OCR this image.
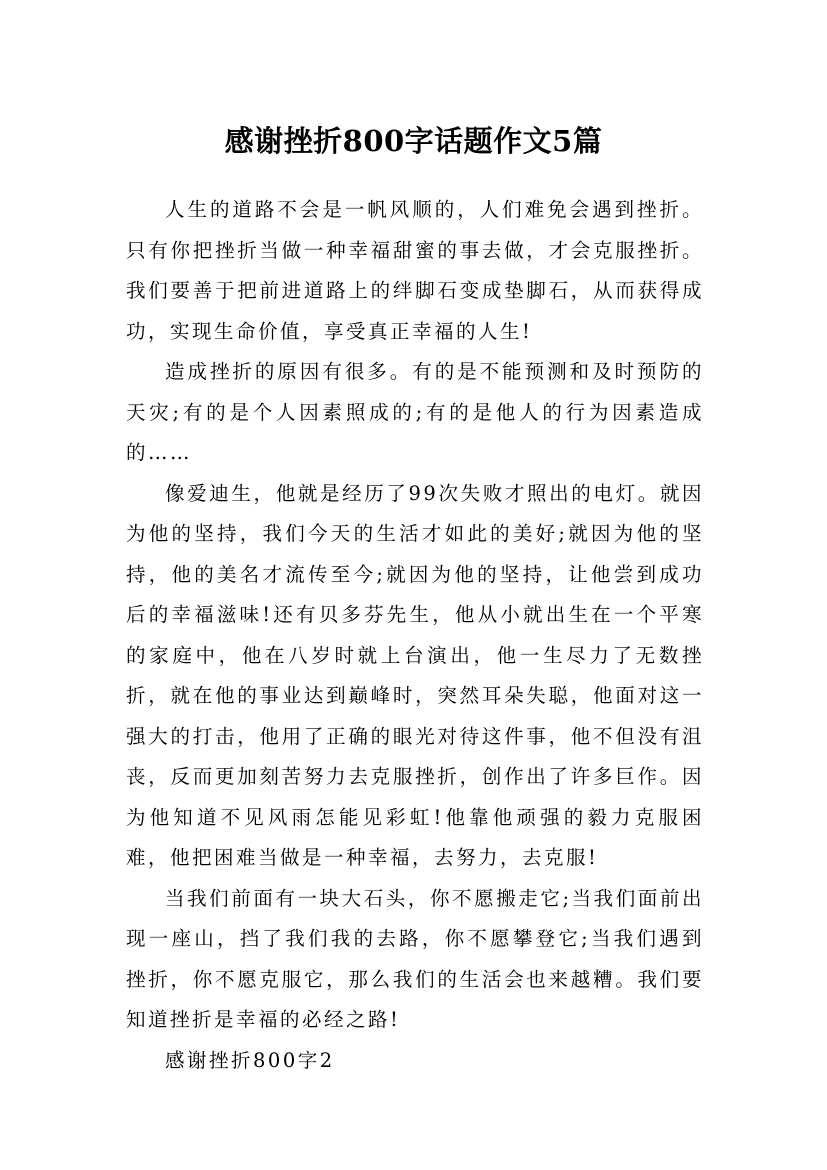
感谢挫折800字话题作文5篇

人生的道路不会是一帆风顺的，人们难免会遇到挫折。只有你把挫折当做一种幸福甜蜜的事去做，才会克服挫折。我们要善于把前进道路上的绊脚石变成垫脚石，从而获得成功，实现生命价值，享受真正幸福的人生!

造成挫折的原因有很多。有的是不能预测和及时预防的天灾;有的是个人因素照成的;有的是他人的行为因素造成的……

像爱迪生，他就是经历了99次失败才照出的电灯。就因为他的坚持，我们今天的生活才如此的美好;就因为他的坚持，他的美名才流传至今;就因为他的坚持，让他尝到成功后的幸福滋味!还有贝多芬先生，他从小就出生在一个平寒的家庭中，他在八岁时就上台演出，他一生尽力了无数挫折，就在他的事业达到巅峰时，突然耳朵失聪，他面对这一强大的打击，他用了正确的眼光对待这件事，他不但没有沮丧，反而更加刻苦努力去克服挫折，创作出了许多巨作。因为他知道不见风雨怎能见彩虹!他靠他顽强的毅力克服困难，他把困难当做是一种幸福，去努力，去克服!

当我们前面有一块大石头，你不愿搬走它;当我们面前出现一座山，挡了我们我的去路，你不愿攀登它;当我们遇到挫折，你不愿克服它，那么我们的生活会也来越糟。我们要知道挫折是幸福的必经之路!

感谢挫折800字2
